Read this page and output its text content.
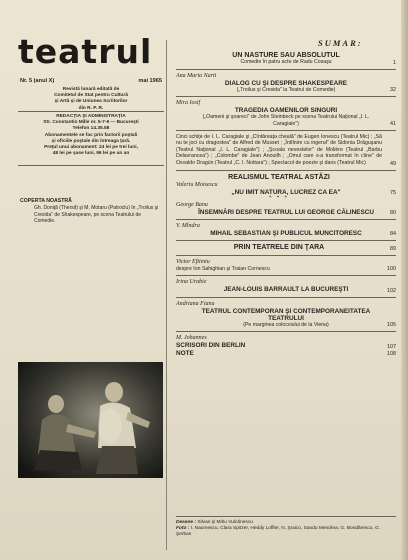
teatrul
Nr. 5 (anul X)	mai 1965
Revistă lunară editată de
Comitetul de Stat pentru Cultură
şi Artă şi de Uniunea Scriitorilor
din R. P. R.
REDACŢIA ŞI ADMINISTRAŢIA
Str. Constantin Mille nr. 5-7-9 — Bucureşti
Telefon 14.35.58
Abonamentele se fac prin factorii poştali
şi oficiile poştale din întreaga ţară.
Preţul unui abonament: 24 lei pe trei luni,
48 lei pe şase luni, 96 lei pe un an
COPERTA NOASTRĂ
Gh. Doniţă (Thersit) şi M. Motaru (Patroclu) în „Troilus şi Cresida" de Shakespeare, pe scena Teatrului de Comedie.
SUMAR:
UN NASTURE SAU ABSOLUTUL
Comedie în patru acte de Radu Cosaşu	1
Ana Maria Narti
DIALOG CU ŞI DESPRE SHAKESPEARE
(„Troilus şi Cresida" la Teatrul de Comedie)	32
Mira Iosif
TRAGEDIA OAMENILOR SINGURI
(„Oameni şi şoareci" de John Steinbeck pe scena Teatrului Naţional „I. L. Caragiale")	41
Cinci schiţe de I. L. Caragiale şi „Cîntăreaţa cheală" de Eugen Ionescu (Teatrul Mic) ; „Să nu te joci cu dragostea" de Alfred de Musset ; „Întîlnire cu ingeruł" de Sidonia Drăguşanu (Teatrul Naţional „I. L. Caragiale") ; „Şcoala nevestelor" de Molière (Teatrul „Barbu Delavrancea") ; „Colombe" de Jean Anouilh ; „Omul care s-a transformat în cîine" de Osvaldo Dragún (Teatrul „C. I. Nottara") ; Spectacol de poezie şi dans (Teatrul Mic)	49
REALISMUL TEATRAL ASTĂZI
Valeriu Moisescu
„NU IMIT NATURA, LUCREZ CA EA"	75
* * *
George Banu
ÎNSEMNĂRI DESPRE TEATRUL LUI GEORGE CĂLINESCU	80
V. Mîndra
MIHAIL SEBASTIAN ŞI PUBLICUL MUNCITORESC	84
PRIN TEATRELE DIN ŢARA	89
Victor Eftimiu
despre Ion Sahighian şi Traian Cornescu	100
Irina Urabie
JEAN-LOUIS BARRAULT LA BUCUREŞTI	102
Andriana Fianu
TEATRUL CONTEMPORAN ŞI CONTEMPORANEITATEA TEATRULUI
(Pe marginea colocviului de la Viena)	105
M. Johannes
SCRISORI DIN BERLIN	107
NOTE	108
Desene : Silvan şi Mihu Vulcănescu
Foto : I. Naumescu, Clara Spitzer, Heddy Loffler, N. Şraico, Sandu Mendrea, G. Bondărescu, G. Şerban
